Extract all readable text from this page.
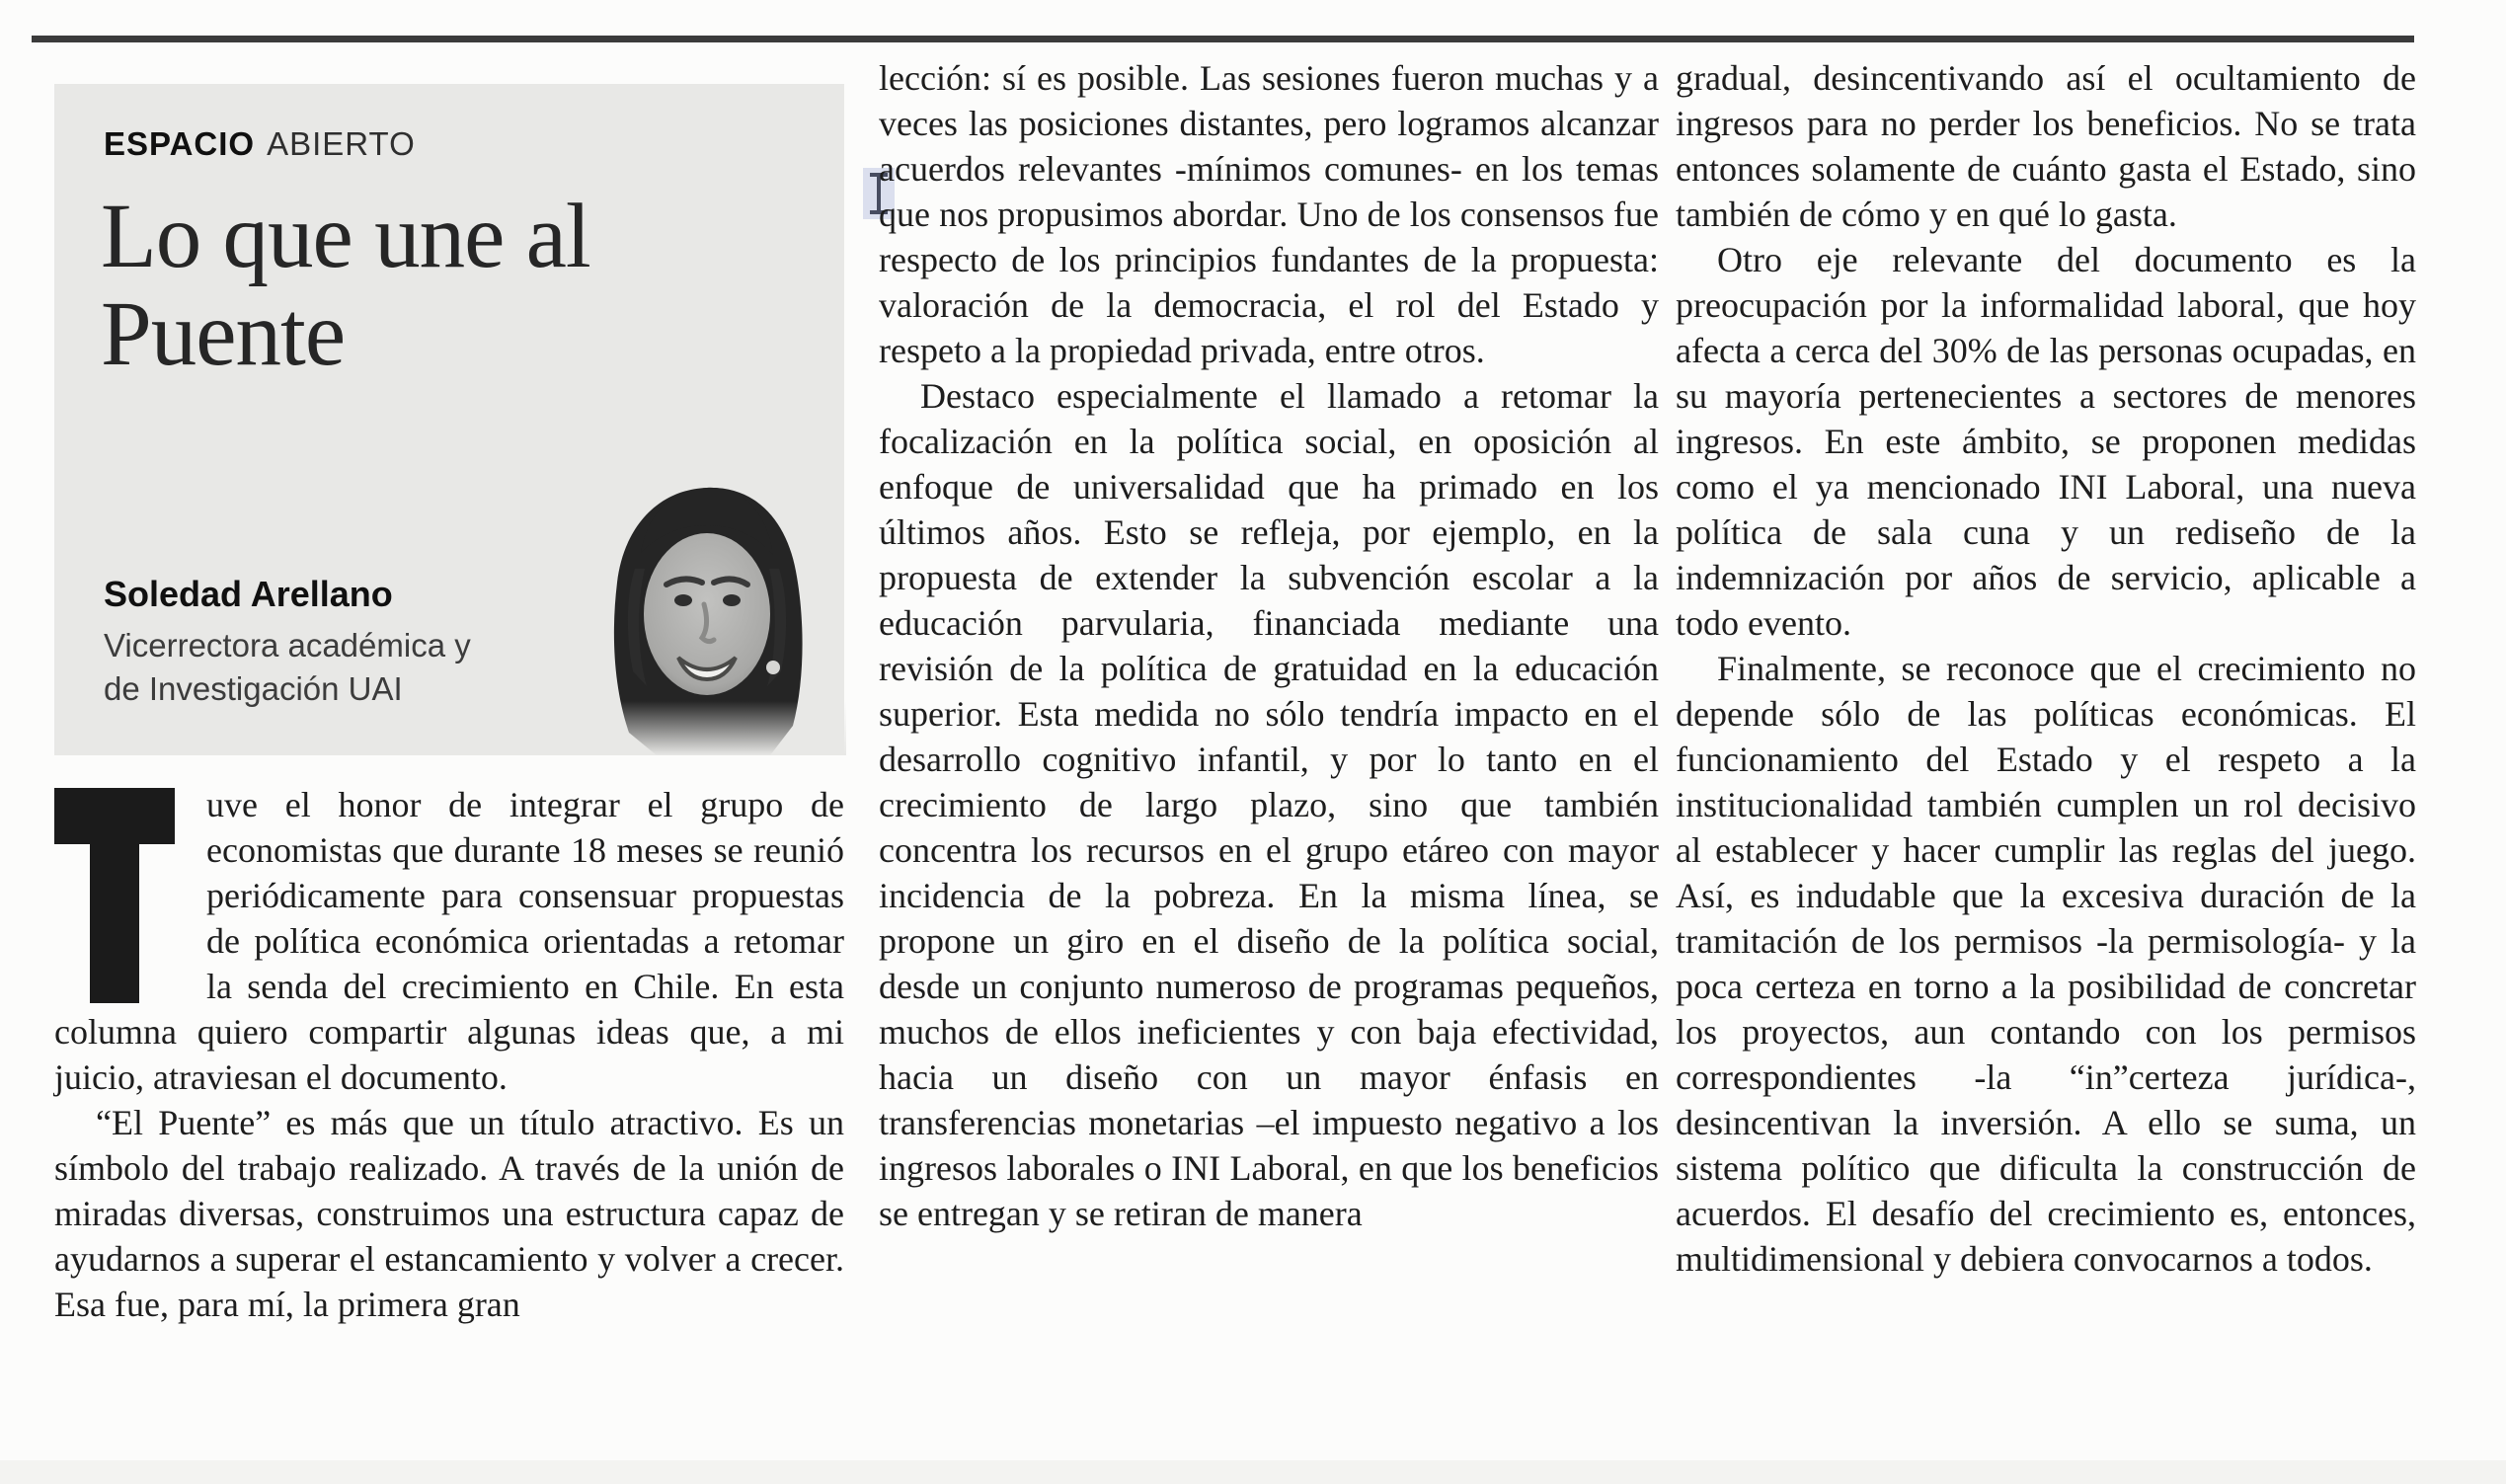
ESPACIO ABIERTO
Lo que une al
Puente
Soledad Arellano
Vicerrectora académica y
de Investigación UAI

uve el honor de integrar el grupo de economistas que durante 18 meses se reunió periódicamente para consensuar propuestas de política económica orientadas a retomar la senda del crecimiento en Chile. En esta columna quiero compartir algunas ideas que, a mi juicio, atraviesan el documento.

“El Puente” es más que un título atractivo. Es un símbolo del trabajo realizado. A través de la unión de miradas diversas, construimos una estructura capaz de ayudarnos a superar el estancamiento y volver a crecer. Esa fue, para mí, la primera gran

lección: sí es posible. Las sesiones fueron muchas y a veces las posiciones distantes, pero logramos alcanzar acuerdos relevantes -mínimos comunes- en los temas que nos propusimos abordar. Uno de los consensos fue respecto de los principios fundantes de la propuesta: valoración de la democracia, el rol del Estado y respeto a la propiedad privada, entre otros.

Destaco especialmente el llamado a retomar la focalización en la política social, en oposición al enfoque de universalidad que ha primado en los últimos años. Esto se refleja, por ejemplo, en la propuesta de extender la subvención escolar a la educación parvularia, financiada mediante una revisión de la política de gratuidad en la educación superior. Esta medida no sólo tendría impacto en el desarrollo cognitivo infantil, y por lo tanto en el crecimiento de largo plazo, sino que también concentra los recursos en el grupo etáreo con mayor incidencia de la pobreza. En la misma línea, se propone un giro en el diseño de la política social, desde un conjunto numeroso de programas pequeños, muchos de ellos ineficientes y con baja efectividad, hacia un diseño con un mayor énfasis en transferencias monetarias –el impuesto negativo a los ingresos laborales o INI Laboral, en que los beneficios se entregan y se retiran de manera

gradual, desincentivando así el ocultamiento de ingresos para no perder los beneficios. No se trata entonces solamente de cuánto gasta el Estado, sino también de cómo y en qué lo gasta.

Otro eje relevante del documento es la preocupación por la informalidad laboral, que hoy afecta a cerca del 30% de las personas ocupadas, en su mayoría pertenecientes a sectores de menores ingresos. En este ámbito, se proponen medidas como el ya mencionado INI Laboral, una nueva política de sala cuna y un rediseño de la indemnización por años de servicio, aplicable a todo evento.

Finalmente, se reconoce que el crecimiento no depende sólo de las políticas económicas. El funcionamiento del Estado y el respeto a la institucionalidad también cumplen un rol decisivo al establecer y hacer cumplir las reglas del juego. Así, es indudable que la excesiva duración de la tramitación de los permisos -la permisología- y la poca certeza en torno a la posibilidad de concretar los proyectos, aun contando con los permisos correspondientes -la “in”certeza jurídica-, desincentivan la inversión. A ello se suma, un sistema político que dificulta la construcción de acuerdos. El desafío del crecimiento es, entonces, multidimensional y debiera convocarnos a todos.
